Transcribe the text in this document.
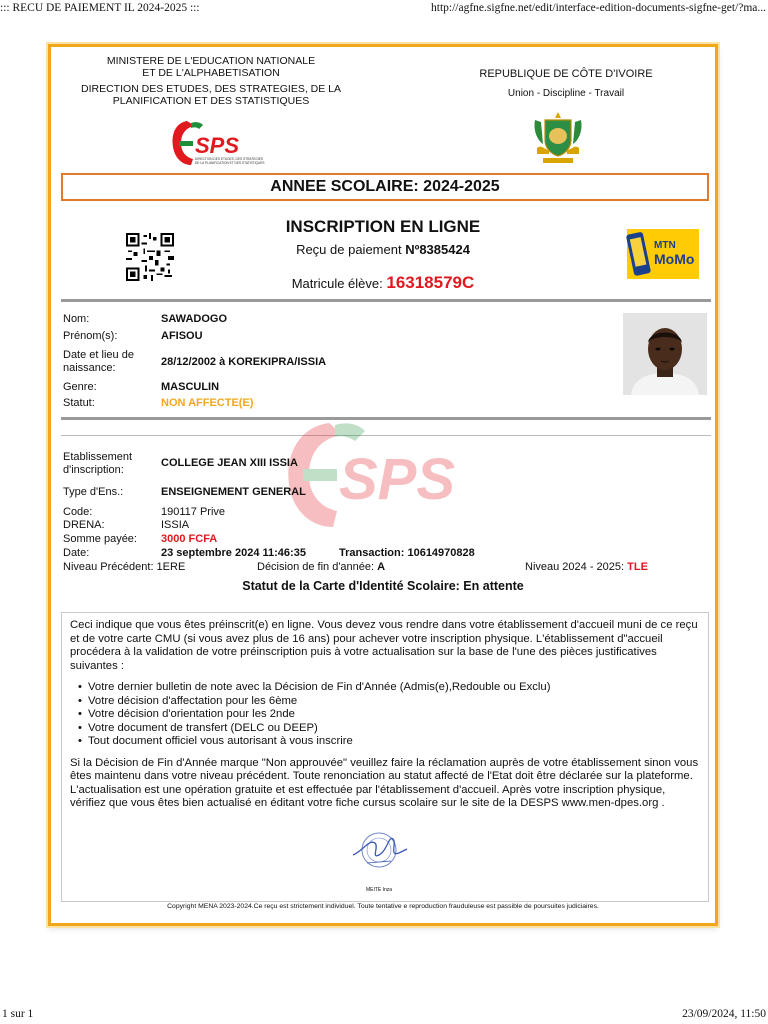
::: RECU DE PAIEMENT IL 2024-2025 :::	http://agfne.sigfne.net/edit/interface-edition-documents-sigfne-get/?ma...
MINISTERE DE L'EDUCATION NATIONALE
ET DE L'ALPHABETISATION
DIRECTION DES ETUDES, DES STRATEGIES, DE LA
PLANIFICATION ET DES STATISTIQUES
REPUBLIQUE DE CÔTE D'IVOIRE
Union - Discipline - Travail
SPS
DIRECTION DES ETUDES, DES STRATEGIES
DE LA PLANIFICATION ET DES STATISTIQUES
ANNEE SCOLAIRE: 2024-2025
INSCRIPTION EN LIGNE
Reçu de paiement Nº8385424
Matricule élève: 16318579C
MTN
MoMo
Nom:	SAWADOGO
Prénom(s):	AFISOU
Date et lieu de
naissance:	28/12/2002 à KOREKIPRA/ISSIA
Genre:	MASCULIN
Statut:	NON AFFECTE(E)
SPS
Etablissement
d'inscription:
COLLEGE JEAN XIII ISSIA
Type d'Ens.:	ENSEIGNEMENT GENERAL
Code:	190117 Prive
DRENA:	ISSIA
Somme payée: 3000 FCFA
Date:	23 septembre 2024 11:46:35	Transaction: 10614970828
Niveau Précédent: 1ERE	Décision de fin d'année: A	Niveau 2024 - 2025: TLE
Statut de la Carte d'Identité Scolaire: En attente

Ceci indique que vous êtes préinscrit(e) en ligne. Vous devez vous rendre dans votre établissement d'accueil muni de ce reçu et de votre carte CMU (si vous avez plus de 16 ans) pour achever votre inscription physique. L'établissement d"accueil procédera à la validation de votre préinscription puis à votre actualisation sur la base de l'une des pièces justificatives suivantes :

• Votre dernier bulletin de note avec la Décision de Fin d'Année (Admis(e),Redouble ou Exclu)
• Votre décision d'affectation pour les 6ème
• Votre décision d'orientation pour les 2nde
• Votre document de transfert (DELC ou DEEP)
• Tout document officiel vous autorisant à vous inscrire

Si la Décision de Fin d'Année marque "Non approuvée" veuillez faire la réclamation auprès de votre établissement sinon vous êtes maintenu dans votre niveau précédent. Toute renonciation au statut affecté de l'Etat doit être déclarée sur la plateforme. L'actualisation est une opération gratuite et est effectuée par l'établissement d'accueil. Après votre inscription physique, vérifiez que vous êtes bien actualisé en éditant votre fiche cursus scolaire sur le site de la DESPS www.men-dpes.org .

MEITE Inza
Copyright MENA 2023-2024.Ce reçu est strictement individuel. Toute tentative e reproduction frauduleuse est passible de poursuites judiciaires.
1 sur 1	23/09/2024, 11:50
